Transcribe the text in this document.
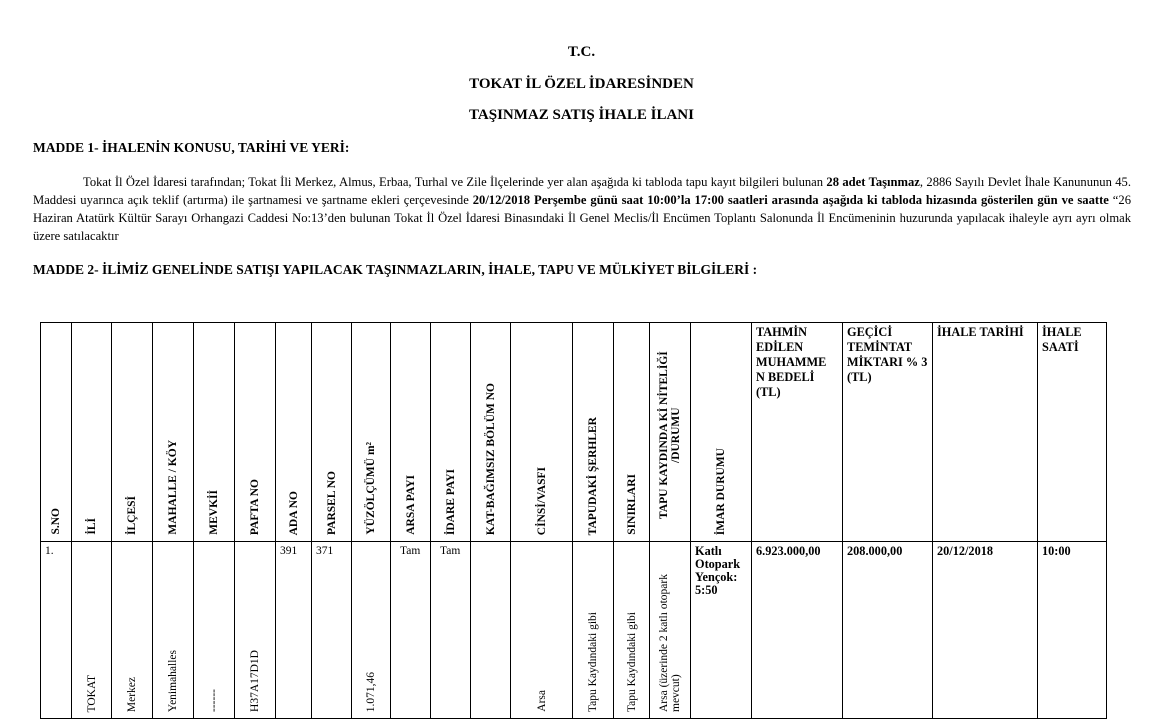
T.C.
TOKAT İL ÖZEL İDARESİNDEN
TAŞINMAZ SATIŞ İHALE İLANI
MADDE 1- İHALENİN KONUSU, TARİHİ VE YERİ:
Tokat İl Özel İdaresi tarafından; Tokat İli Merkez, Almus, Erbaa, Turhal ve Zile İlçelerinde yer alan aşağıda ki tabloda tapu kayıt bilgileri bulunan 28 adet Taşınmaz, 2886 Sayılı Devlet İhale Kanununun 45. Maddesi uyarınca açık teklif (artırma) ile şartnamesi ve şartname ekleri çerçevesinde 20/12/2018 Perşembe günü saat 10:00’la 17:00 saatleri arasında aşağıda ki tabloda hizasında gösterilen gün ve saatte “26 Haziran Atatürk Kültür Sarayı Orhangazi Caddesi No:13’den bulunan Tokat İl Özel İdaresi Binasındaki İl Genel Meclis/İl Encümen Toplantı Salonunda İl Encümeninin huzurunda yapılacak ihaleyle ayrı ayrı olmak üzere satılacaktır
MADDE 2- İLİMİZ GENELİNDE SATIŞI YAPILACAK TAŞINMAZLARIN, İHALE, TAPU VE MÜLKİYET BİLGİLERİ :
S.NO	İLİ	İLÇESİ	MAHALLE / KÖY	MEVKİİ	PAFTA NO	ADA NO	PARSEL NO	YÜZÖLÇÜMÜ m²	ARSA PAYI	İDARE PAYI	KAT-BAĞIMSIZ BÖLÜM NO	CİNSİ/VASFI	TAPUDAKİ ŞERHLER	SINIRLARI	TAPU KAYDINDA Kİ NİTELİĞİ /DURUMU	İMAR DURUMU	TAHMİN EDİLEN MUHAMME N BEDELİ (TL)	GEÇİCİ TEMİNTAT MİKTARI % 3 (TL)	İHALE TARİHİ	İHALE SAATİ

1.	TOKAT	Merkez	Yenimahalles	------	H37A17D1D	391	371	1.071,46	Tam	Tam		Arsa	Tapu Kaydındaki gibi	Tapu Kaydındaki gibi	Arsa (üzerinde 2 katlı otopark mevcut)	Katlı Otopark Yençok: 5:50	6.923.000,00	208.000,00	20/12/2018	10:00
